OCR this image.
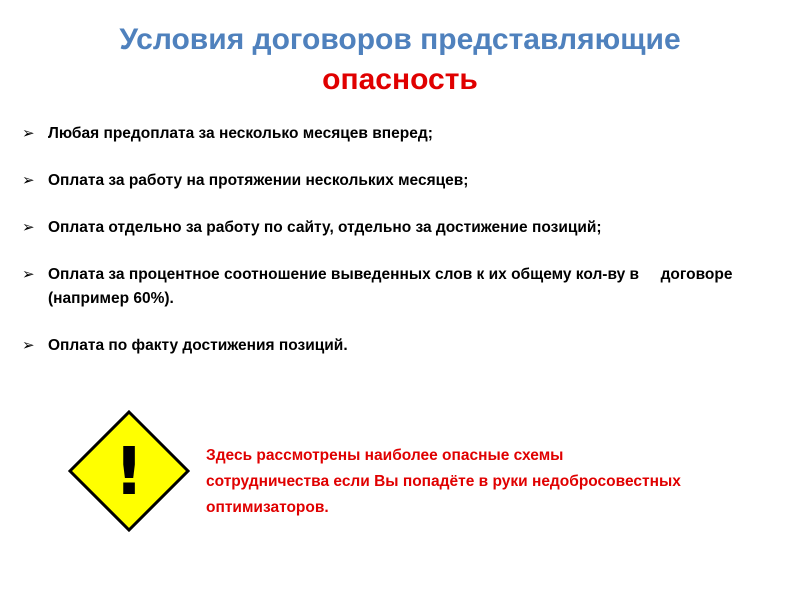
Условия договоров представляющие
опасность
➢ Любая предоплата за несколько месяцев вперед;
➢ Оплата за работу на протяжении нескольких месяцев;
➢ Оплата отдельно за работу по сайту, отдельно за достижение позиций;
➢ Оплата за процентное соотношение выведенных слов к их общему кол-ву в     договоре (например 60%).
➢ Оплата по факту достижения позиций.
!	Здесь рассмотрены наиболее опасные схемы сотрудничества если Вы попадёте в руки недобросовестных оптимизаторов.
